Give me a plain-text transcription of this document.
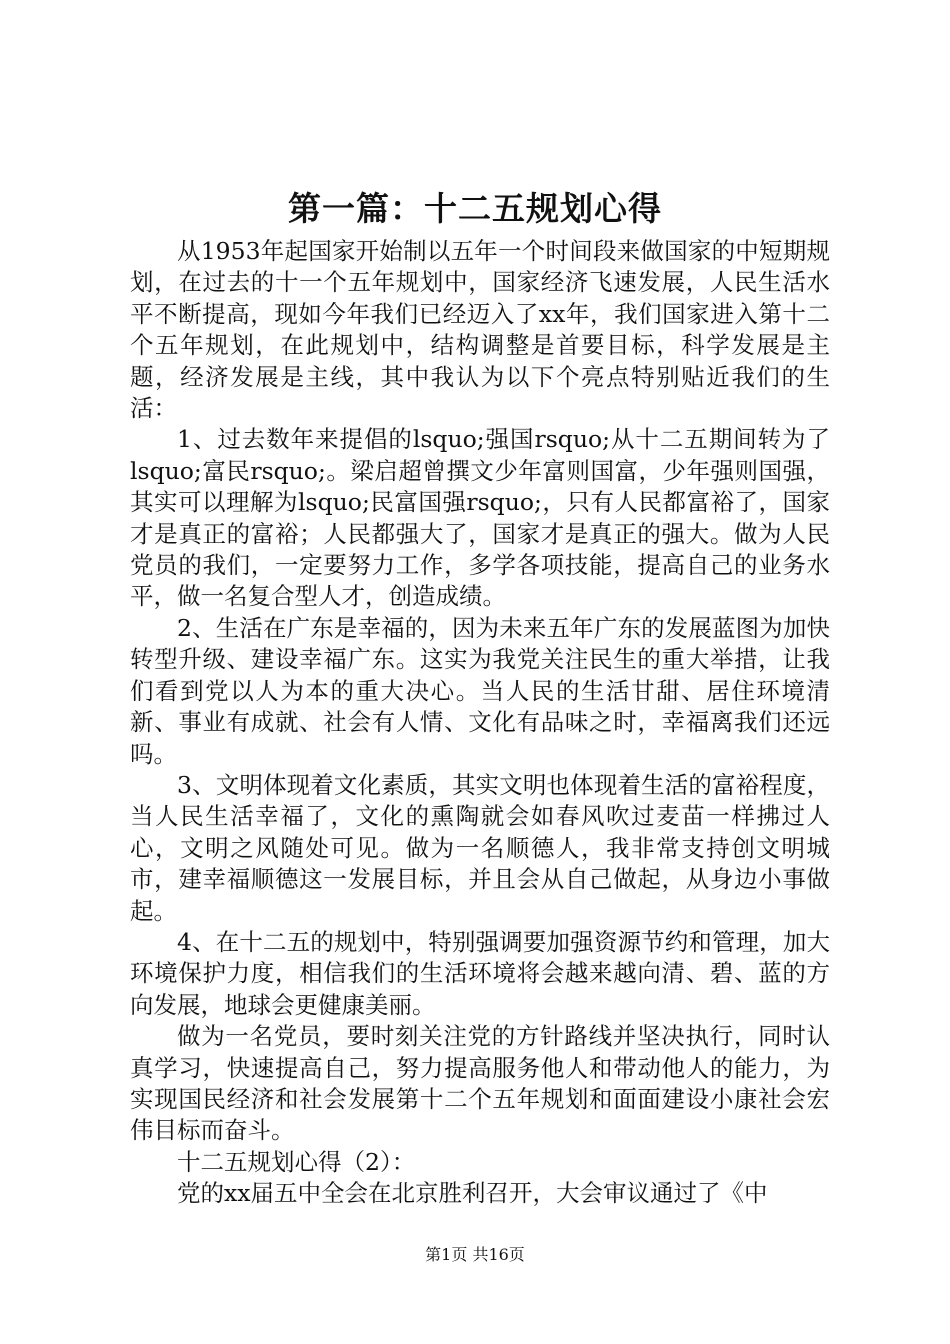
第一篇：十二五规划心得

从1953年起国家开始制以五年一个时间段来做国家的中短期规划，在过去的十一个五年规划中，国家经济飞速发展，人民生活水平不断提高，现如今年我们已经迈入了xx年，我们国家进入第十二个五年规划，在此规划中，结构调整是首要目标，科学发展是主题，经济发展是主线，其中我认为以下个亮点特别贴近我们的生活：

1、过去数年来提倡的lsquo;强国rsquo;从十二五期间转为了lsquo;富民rsquo;。梁启超曾撰文少年富则国富，少年强则国强，其实可以理解为lsquo;民富国强rsquo;，只有人民都富裕了，国家才是真正的富裕；人民都强大了，国家才是真正的强大。做为人民党员的我们，一定要努力工作，多学各项技能，提高自己的业务水平，做一名复合型人才，创造成绩。

2、生活在广东是幸福的，因为未来五年广东的发展蓝图为加快转型升级、建设幸福广东。这实为我党关注民生的重大举措，让我们看到党以人为本的重大决心。当人民的生活甘甜、居住环境清新、事业有成就、社会有人情、文化有品味之时，幸福离我们还远吗。

3、文明体现着文化素质，其实文明也体现着生活的富裕程度，当人民生活幸福了，文化的熏陶就会如春风吹过麦苗一样拂过人心，文明之风随处可见。做为一名顺德人，我非常支持创文明城市，建幸福顺德这一发展目标，并且会从自己做起，从身边小事做起。

4、在十二五的规划中，特别强调要加强资源节约和管理，加大环境保护力度，相信我们的生活环境将会越来越向清、碧、蓝的方向发展，地球会更健康美丽。

做为一名党员，要时刻关注党的方针路线并坚决执行，同时认真学习，快速提高自己，努力提高服务他人和带动他人的能力，为实现国民经济和社会发展第十二个五年规划和面面建设小康社会宏伟目标而奋斗。

十二五规划心得（2）：

党的xx届五中全会在北京胜利召开，大会审议通过了《中

第1页 共16页
